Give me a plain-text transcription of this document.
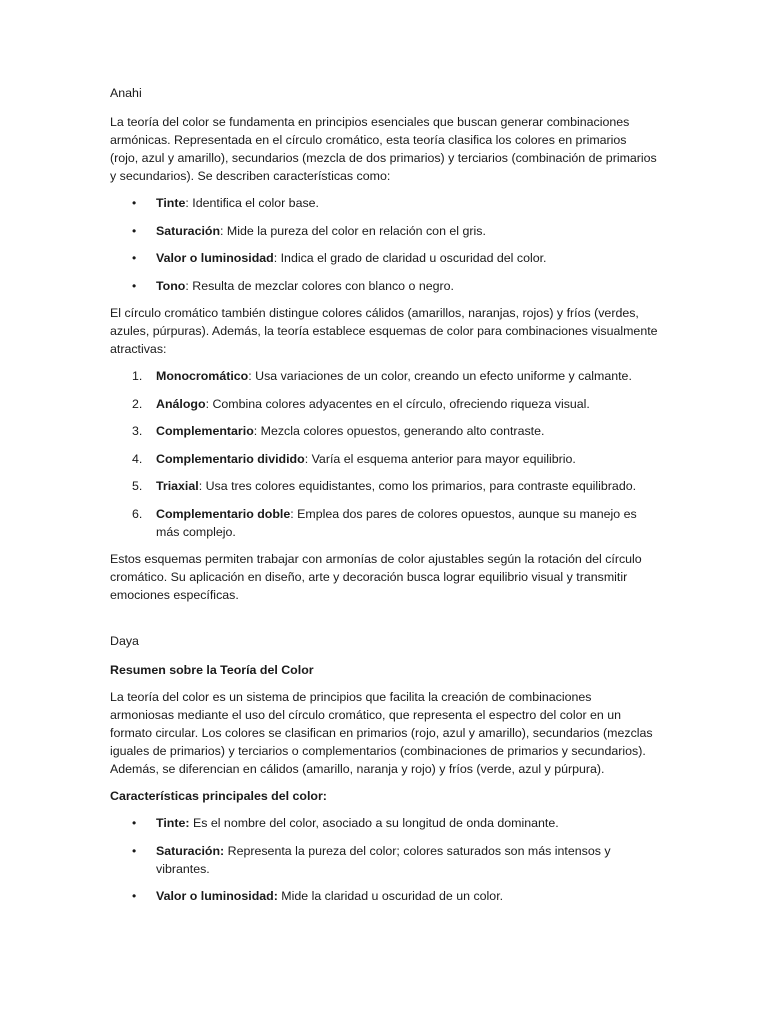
Anahi
La teoría del color se fundamenta en principios esenciales que buscan generar combinaciones armónicas. Representada en el círculo cromático, esta teoría clasifica los colores en primarios (rojo, azul y amarillo), secundarios (mezcla de dos primarios) y terciarios (combinación de primarios y secundarios). Se describen características como:
• Tinte: Identifica el color base.
• Saturación: Mide la pureza del color en relación con el gris.
• Valor o luminosidad: Indica el grado de claridad u oscuridad del color.
• Tono: Resulta de mezclar colores con blanco o negro.
El círculo cromático también distingue colores cálidos (amarillos, naranjas, rojos) y fríos (verdes, azules, púrpuras). Además, la teoría establece esquemas de color para combinaciones visualmente atractivas:
1. Monocromático: Usa variaciones de un color, creando un efecto uniforme y calmante.
2. Análogo: Combina colores adyacentes en el círculo, ofreciendo riqueza visual.
3. Complementario: Mezcla colores opuestos, generando alto contraste.
4. Complementario dividido: Varía el esquema anterior para mayor equilibrio.
5. Triaxial: Usa tres colores equidistantes, como los primarios, para contraste equilibrado.
6. Complementario doble: Emplea dos pares de colores opuestos, aunque su manejo es más complejo.
Estos esquemas permiten trabajar con armonías de color ajustables según la rotación del círculo cromático. Su aplicación en diseño, arte y decoración busca lograr equilibrio visual y transmitir emociones específicas.
Daya
Resumen sobre la Teoría del Color
La teoría del color es un sistema de principios que facilita la creación de combinaciones armoniosas mediante el uso del círculo cromático, que representa el espectro del color en un formato circular. Los colores se clasifican en primarios (rojo, azul y amarillo), secundarios (mezclas iguales de primarios) y terciarios o complementarios (combinaciones de primarios y secundarios). Además, se diferencian en cálidos (amarillo, naranja y rojo) y fríos (verde, azul y púrpura).
Características principales del color:
• Tinte: Es el nombre del color, asociado a su longitud de onda dominante.
• Saturación: Representa la pureza del color; colores saturados son más intensos y vibrantes.
• Valor o luminosidad: Mide la claridad u oscuridad de un color.
